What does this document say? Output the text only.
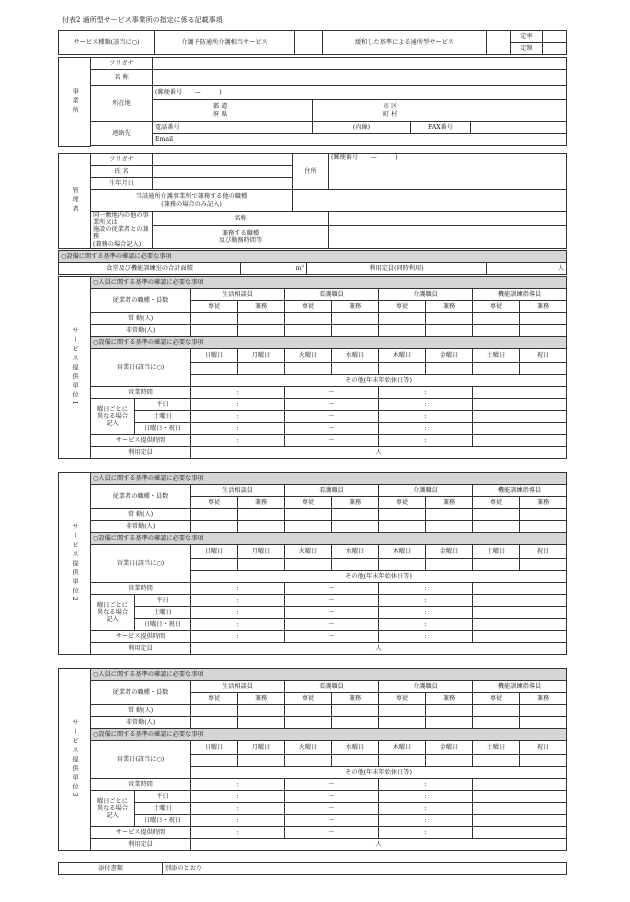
付表2 通所型サービス事業所の指定に係る記載事項
サービス種類(該当に○)	介護予防通所介護相当サービス		緩和した基準による通所型サービス		定率	
					定額	
事業所	フリガナ				
	名 称				
	所在地	(郵便番号　　—　　　)			
		都 道
府 県	市 区
町 村		
	連絡先	電話番号	(内線)	FAX番号	
		Email			

管理者	フリガナ		住所	(郵便番号　　—　　　)
	氏 名			
	生年月日			
	当該通所介護事業所で兼務する他の職種
(兼務の場合のみ記入)			
	同一敷地内の他の事業所又は
施設の従業者との兼務
(兼務の場合記入)	名称		
		兼務する職種
及び勤務時間等		
○設備に関する基準の確認に必要な事項
食堂及び機能訓練室の合計面積	$m^2$	利用定員(同時利用)	人
サービス提供単位1	○人員に関する基準の確認に必要な事項									
	従業者の職種・員数		生活相談員		看護職員		介護職員		機能訓練指導員	
			専従	兼務	専従	兼務	専従	兼務	専従	兼務
	常 勤(人)									
	非常勤(人)									
	○設備に関する基準の確認に必要な事項									
	営業日(該当に○)		日曜日	月曜日	火曜日	水曜日	木曜日	金曜日	土曜日	祝日

			その他(年末年始休日等)							
	営業時間		:		～		:			
	曜日ごとに
異なる場合
記入	平日	:		～		:			
		土曜日	:		～		:			
		日曜日・祝日	:		～		:			
	サービス提供時間		:		～		:			
	利用定員		人							
サービス提供単位2	○人員に関する基準の確認に必要な事項									
	従業者の職種・員数		生活相談員		看護職員		介護職員		機能訓練指導員	
			専従	兼務	専従	兼務	専従	兼務	専従	兼務
	常 勤(人)									
	非常勤(人)									
	○設備に関する基準の確認に必要な事項									
	営業日(該当に○)		日曜日	月曜日	火曜日	水曜日	木曜日	金曜日	土曜日	祝日

			その他(年末年始休日等)							
	営業時間		:		～		:			
	曜日ごとに
異なる場合
記入	平日	:		～		:			
		土曜日	:		～		:			
		日曜日・祝日	:		～		:			
	サービス提供時間		:		～		:			
	利用定員		人							
サービス提供単位3	○人員に関する基準の確認に必要な事項									
	従業者の職種・員数		生活相談員		看護職員		介護職員		機能訓練指導員	
			専従	兼務	専従	兼務	専従	兼務	専従	兼務
	常 勤(人)									
	非常勤(人)									
	○設備に関する基準の確認に必要な事項									
	営業日(該当に○)		日曜日	月曜日	火曜日	水曜日	木曜日	金曜日	土曜日	祝日

			その他(年末年始休日等)							
	営業時間		:		～		:			
	曜日ごとに
異なる場合
記入	平日	:		～		:			
		土曜日	:		～		:			
		日曜日・祝日	:		～		:			
	サービス提供時間		:		～		:			
	利用定員		人							
添付書類	別添のとおり
